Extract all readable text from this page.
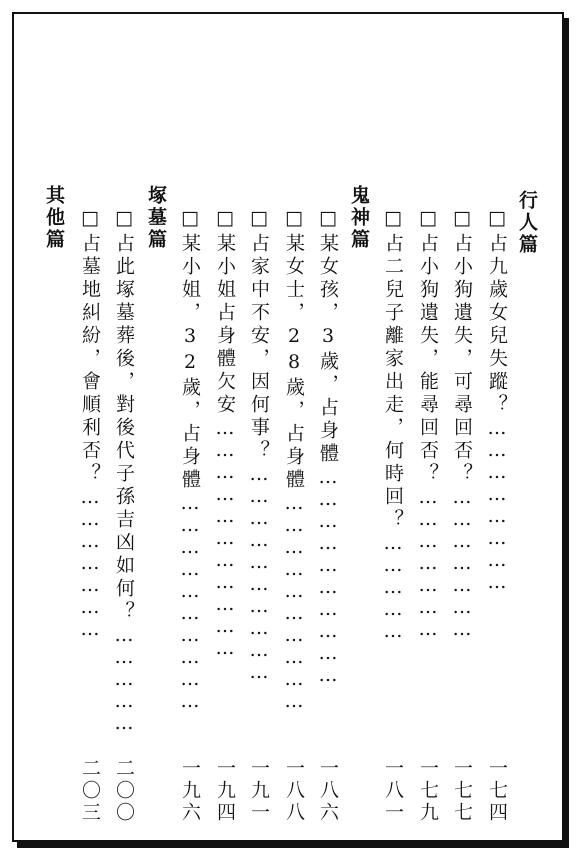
行人篇
□占九歲女兒失蹤？……………………
一七四
□占小狗遺失，可尋回否？…………………
一七七
□占小狗遺失，能尋回否？…………………
一七九
□占二兒子離家出走，何時回？……………
一八一
鬼神篇
□某女孩，3歲，占身體…………………………
一八六
□某女士，28歲，占身體…………………………
一八八
□占家中不安，因何事？…………………………
一九一
□某小姐占身體欠安……………………………
一九四
□某小姐，32歲，占身體…………………………
一九六
塚墓篇
□占此塚墓葬後，對後代子孫吉凶如何？……………
二〇〇
其他篇 □占墓地糾紛，會順利否？…………………
二〇三
